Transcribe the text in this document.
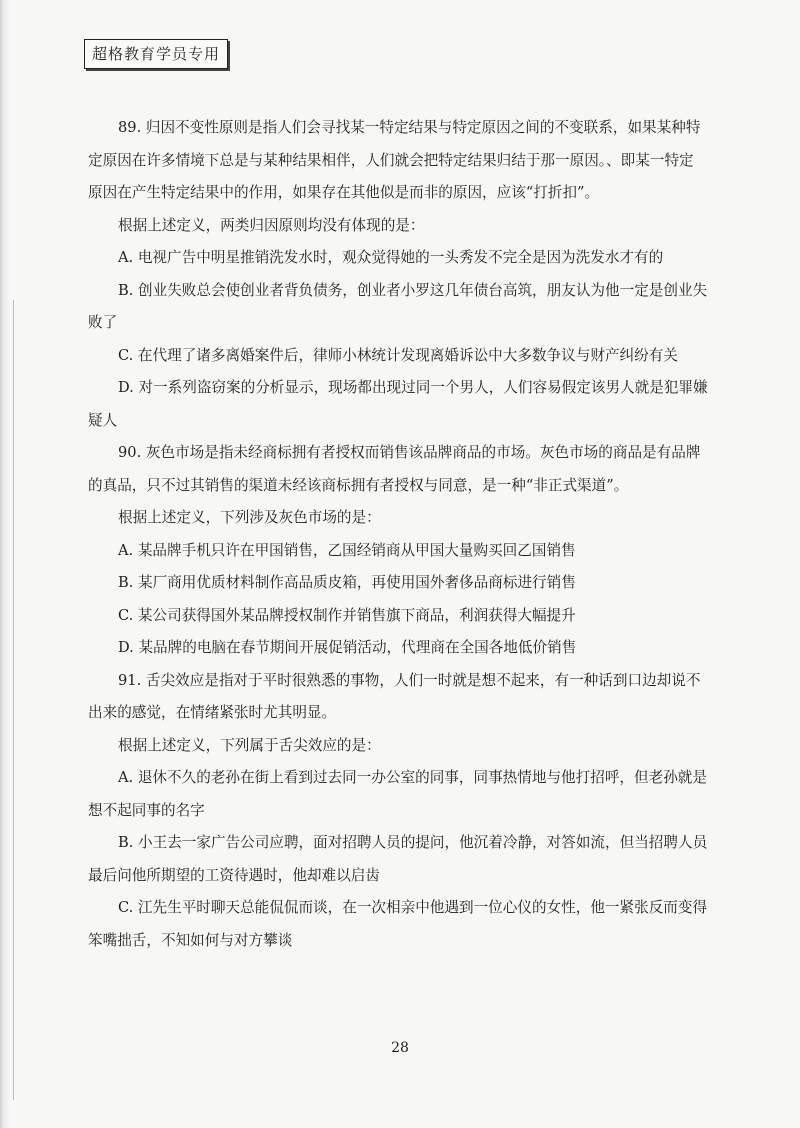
超格教育学员专用

89. 归因不变性原则是指人们会寻找某一特定结果与特定原因之间的不变联系，如果某种特定原因在许多情境下总是与某种结果相伴，人们就会把特定结果归结于那一原因。、即某一特定原因在产生特定结果中的作用，如果存在其他似是而非的原因，应该“打折扣”。

根据上述定义，两类归因原则均没有体现的是：

A. 电视广告中明星推销洗发水时，观众觉得她的一头秀发不完全是因为洗发水才有的

B. 创业失败总会使创业者背负债务，创业者小罗这几年债台高筑，朋友认为他一定是创业失败了

C. 在代理了诸多离婚案件后，律师小林统计发现离婚诉讼中大多数争议与财产纠纷有关

D. 对一系列盗窃案的分析显示，现场都出现过同一个男人，人们容易假定该男人就是犯罪嫌疑人

90. 灰色市场是指未经商标拥有者授权而销售该品牌商品的市场。灰色市场的商品是有品牌的真品，只不过其销售的渠道未经该商标拥有者授权与同意，是一种“非正式渠道”。

根据上述定义，下列涉及灰色市场的是：

A. 某品牌手机只许在甲国销售，乙国经销商从甲国大量购买回乙国销售

B. 某厂商用优质材料制作高品质皮箱，再使用国外奢侈品商标进行销售

C. 某公司获得国外某品牌授权制作并销售旗下商品，利润获得大幅提升

D. 某品牌的电脑在春节期间开展促销活动，代理商在全国各地低价销售

91. 舌尖效应是指对于平时很熟悉的事物，人们一时就是想不起来，有一种话到口边却说不出来的感觉，在情绪紧张时尤其明显。

根据上述定义，下列属于舌尖效应的是：

A. 退休不久的老孙在街上看到过去同一办公室的同事，同事热情地与他打招呼，但老孙就是想不起同事的名字

B. 小王去一家广告公司应聘，面对招聘人员的提问，他沉着冷静，对答如流，但当招聘人员最后问他所期望的工资待遇时，他却难以启齿

C. 江先生平时聊天总能侃侃而谈，在一次相亲中他遇到一位心仪的女性，他一紧张反而变得笨嘴拙舌，不知如何与对方攀谈

28
